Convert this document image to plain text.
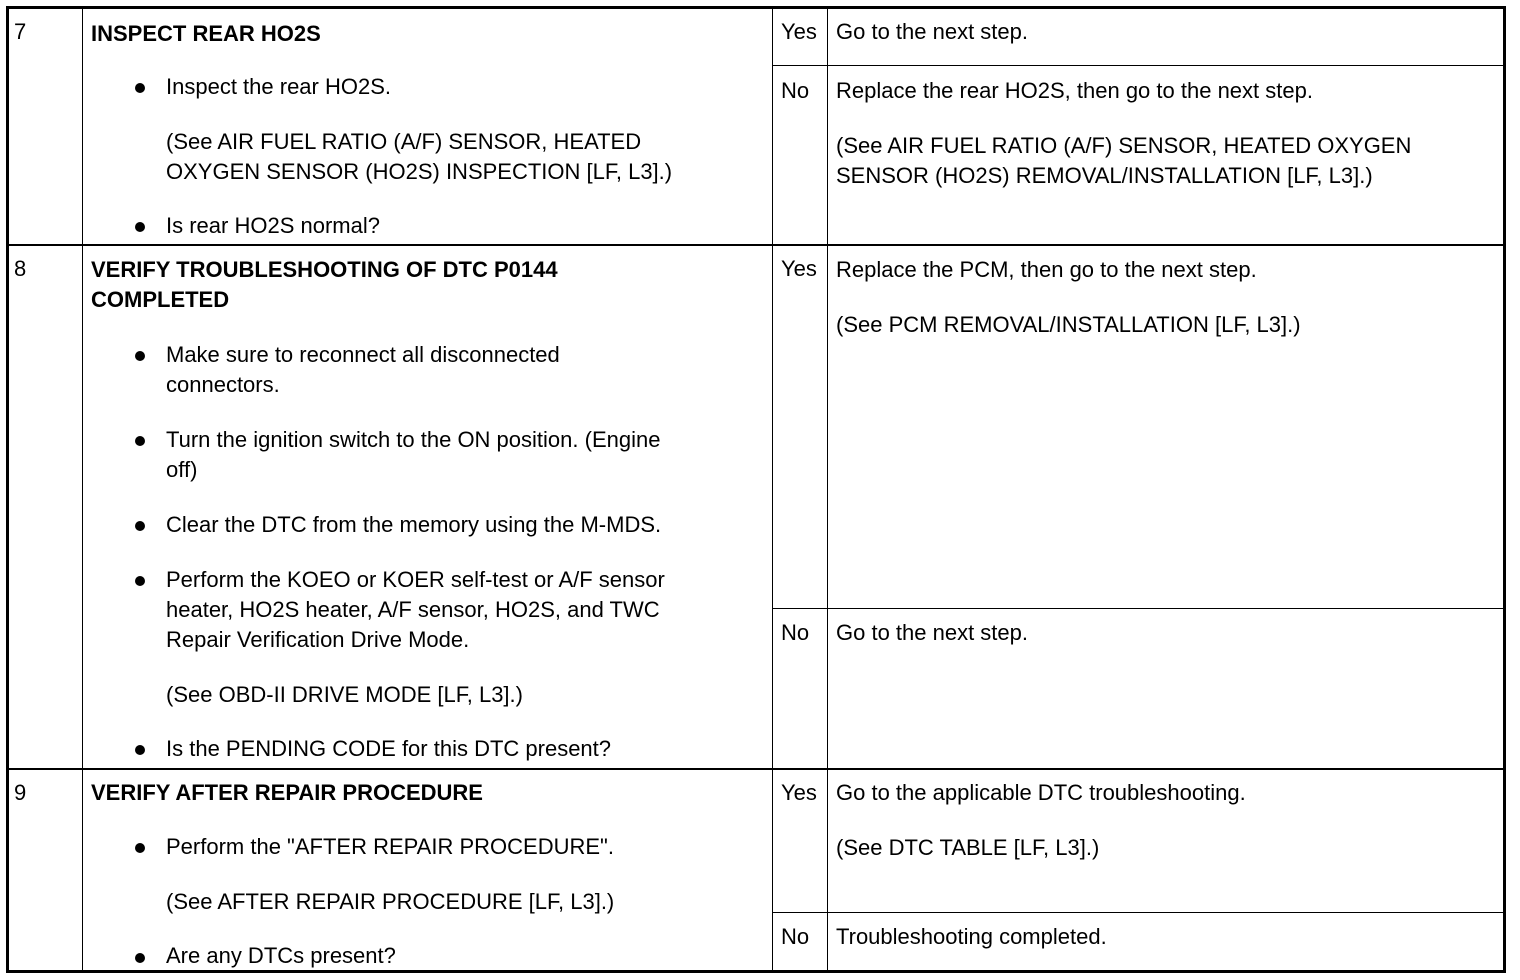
7	INSPECT REAR HO2S
Inspect the rear HO2S.
(See AIR FUEL RATIO (A/F) SENSOR, HEATED
OXYGEN SENSOR (HO2S) INSPECTION [LF, L3].)
Is rear HO2S normal?
Yes Go to the next step.
No Replace the rear HO2S, then go to the next step.
(See AIR FUEL RATIO (A/F) SENSOR, HEATED OXYGEN
SENSOR (HO2S) REMOVAL/INSTALLATION [LF, L3].)
8	VERIFY TROUBLESHOOTING OF DTC P0144
COMPLETED
Make sure to reconnect all disconnected
connectors.
Turn the ignition switch to the ON position. (Engine
off)
Clear the DTC from the memory using the M-MDS.
Perform the KOEO or KOER self-test or A/F sensor
heater, HO2S heater, A/F sensor, HO2S, and TWC
Repair Verification Drive Mode.
(See OBD-II DRIVE MODE [LF, L3].)
Is the PENDING CODE for this DTC present?
Yes Replace the PCM, then go to the next step.
(See PCM REMOVAL/INSTALLATION [LF, L3].)
No Go to the next step.
9	VERIFY AFTER REPAIR PROCEDURE
Perform the "AFTER REPAIR PROCEDURE".
(See AFTER REPAIR PROCEDURE [LF, L3].)
Are any DTCs present?
Yes Go to the applicable DTC troubleshooting.
(See DTC TABLE [LF, L3].)
No Troubleshooting completed.
